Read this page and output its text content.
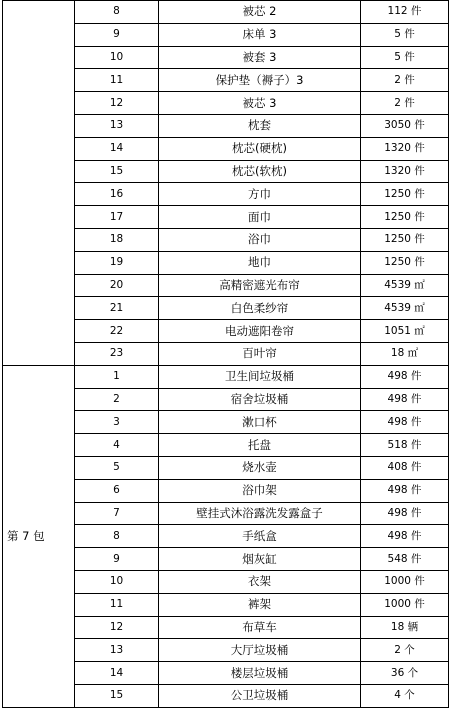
	8	被芯 2	112 件
	9	床单 3	5 件
	10	被套 3	5 件
	11	保护垫（褥子）3	2 件
	12	被芯 3	2 件
	13	枕套	3050 件
	14	枕芯(硬枕)	1320 件
	15	枕芯(软枕)	1320 件
	16	方巾	1250 件
	17	面巾	1250 件
	18	浴巾	1250 件
	19	地巾	1250 件
	20	高精密遮光布帘	4539 ㎡
	21	白色柔纱帘	4539 ㎡
	22	电动遮阳卷帘	1051 ㎡
	23	百叶帘	18 ㎡
第 7 包	1	卫生间垃圾桶	498 件
	2	宿舍垃圾桶	498 件
	3	漱口杯	498 件
	4	托盘	518 件
	5	烧水壶	408 件
	6	浴巾架	498 件
	7	壁挂式沐浴露洗发露盒子	498 件
	8	手纸盒	498 件
	9	烟灰缸	548 件
	10	衣架	1000 件
	11	裤架	1000 件
	12	布草车	18 辆
	13	大厅垃圾桶	2 个
	14	楼层垃圾桶	36 个
	15	公卫垃圾桶	4 个
